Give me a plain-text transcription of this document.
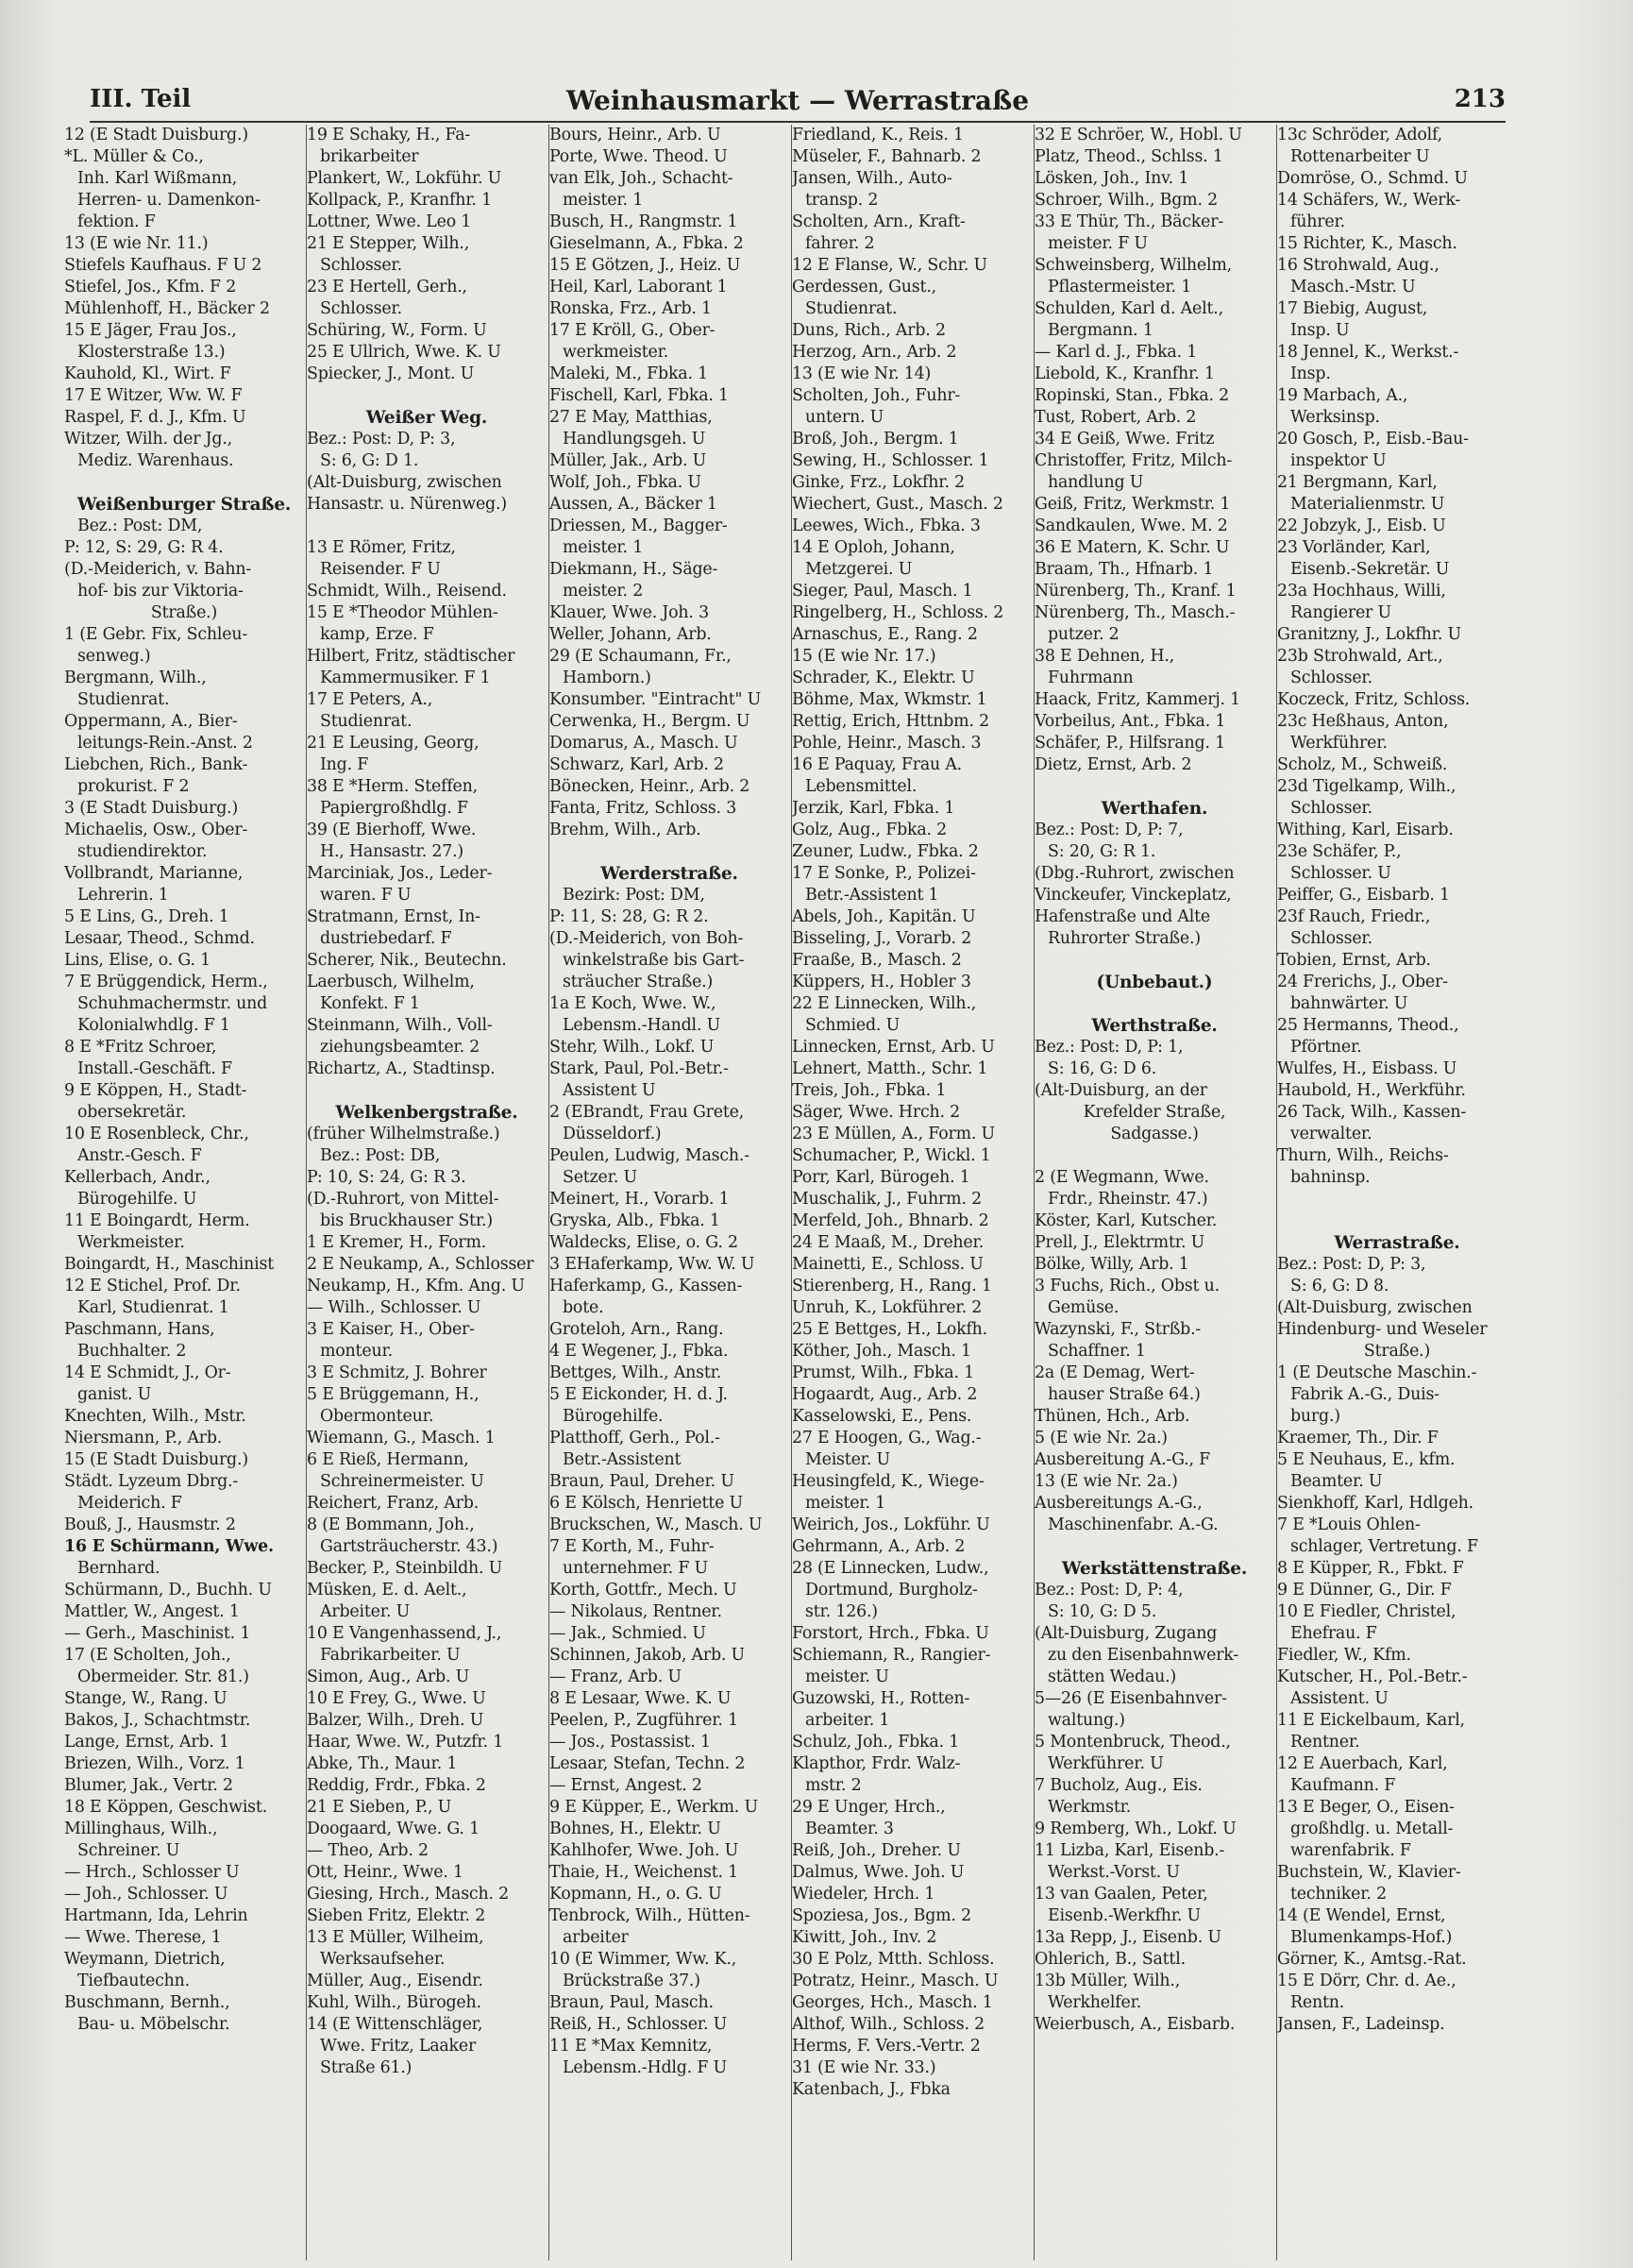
III. Teil	Weinhausmarkt — Werrastraße	213
12 (E Stadt Duisburg.)
*L. Müller & Co.,
Inh. Karl Wißmann,
Herren- u. Damenkon-
fektion. F
13 (E wie Nr. 11.)
Stiefels Kaufhaus. F U 2
Stiefel, Jos., Kfm. F 2
Mühlenhoff, H., Bäcker 2
15 E Jäger, Frau Jos.,
Klosterstraße 13.)
Kauhold, Kl., Wirt. F
17 E Witzer, Ww. W. F
Raspel, F. d. J., Kfm. U
Witzer, Wilh. der Jg.,
Mediz. Warenhaus.
Weißenburger Straße.
Bez.: Post: DM,
P: 12, S: 29, G: R 4.
(D.-Meiderich, v. Bahn-
hof- bis zur Viktoria-
Straße.)
1 (E Gebr. Fix, Schleu-
senweg.)
Bergmann, Wilh.,
Studienrat.
Oppermann, A., Bier-
leitungs-Rein.-Anst. 2
Liebchen, Rich., Bank-
prokurist. F 2
3 (E Stadt Duisburg.)
Michaelis, Osw., Ober-
studiendirektor.
Vollbrandt, Marianne,
Lehrerin. 1
5 E Lins, G., Dreh. 1
Lesaar, Theod., Schmd.
Lins, Elise, o. G. 1
7 E Brüggendick, Herm.,
Schuhmachermstr. und
Kolonialwhdlg. F 1
8 E *Fritz Schroer,
Install.-Geschäft. F
9 E Köppen, H., Stadt-
obersekretär.
10 E Rosenbleck, Chr.,
Anstr.-Gesch. F
Kellerbach, Andr.,
Bürogehilfe. U
11 E Boingardt, Herm.
Werkmeister.
Boingardt, H., Maschinist
12 E Stichel, Prof. Dr.
Karl, Studienrat. 1
Paschmann, Hans,
Buchhalter. 2
14 E Schmidt, J., Or-
ganist. U
Knechten, Wilh., Mstr.
Niersmann, P., Arb.
15 (E Stadt Duisburg.)
Städt. Lyzeum Dbrg.-
Meiderich. F
Bouß, J., Hausmstr. 2
16 E Schürmann, Wwe.
Bernhard.
Schürmann, D., Buchh. U
Mattler, W., Angest. 1
— Gerh., Maschinist. 1
17 (E Scholten, Joh.,
Obermeider. Str. 81.)
Stange, W., Rang. U
Bakos, J., Schachtmstr.
Lange, Ernst, Arb. 1
Briezen, Wilh., Vorz. 1
Blumer, Jak., Vertr. 2
18 E Köppen, Geschwist.
Millinghaus, Wilh.,
Schreiner. U
— Hrch., Schlosser U
— Joh., Schlosser. U
Hartmann, Ida, Lehrin
— Wwe. Therese, 1
Weymann, Dietrich,
Tiefbautechn.
Buschmann, Bernh.,
Bau- u. Möbelschr.
19 E Schaky, H., Fa-
brikarbeiter
Plankert, W., Lokführ. U
Kollpack, P., Kranfhr. 1
Lottner, Wwe. Leo 1
21 E Stepper, Wilh.,
Schlosser.
23 E Hertell, Gerh.,
Schlosser.
Schüring, W., Form. U
25 E Ullrich, Wwe. K. U
Spiecker, J., Mont. U
Weißer Weg.
Bez.: Post: D, P: 3,
S: 6, G: D 1.
(Alt-Duisburg, zwischen
Hansastr. u. Nürenweg.)
13 E Römer, Fritz,
Reisender. F U
Schmidt, Wilh., Reisend.
15 E *Theodor Mühlen-
kamp, Erze. F
Hilbert, Fritz, städtischer
Kammermusiker. F 1
17 E Peters, A.,
Studienrat.
21 E Leusing, Georg,
Ing. F
38 E *Herm. Steffen,
Papiergroßhdlg. F
39 (E Bierhoff, Wwe.
H., Hansastr. 27.)
Marciniak, Jos., Leder-
waren. F U
Stratmann, Ernst, In-
dustriebedarf. F
Scherer, Nik., Beutechn.
Laerbusch, Wilhelm,
Konfekt. F 1
Steinmann, Wilh., Voll-
ziehungsbeamter. 2
Richartz, A., Stadtinsp.
Welkenbergstraße.
(früher Wilhelmstraße.)
Bez.: Post: DB,
P: 10, S: 24, G: R 3.
(D.-Ruhrort, von Mittel-
bis Bruckhauser Str.)
1 E Kremer, H., Form.
2 E Neukamp, A., Schlosser
Neukamp, H., Kfm. Ang. U
— Wilh., Schlosser. U
3 E Kaiser, H., Ober-
monteur.
3 E Schmitz, J. Bohrer
5 E Brüggemann, H.,
Obermonteur.
Wiemann, G., Masch. 1
6 E Rieß, Hermann,
Schreinermeister. U
Reichert, Franz, Arb.
8 (E Bommann, Joh.,
Gartsträucherstr. 43.)
Becker, P., Steinbildh. U
Müsken, E. d. Aelt.,
Arbeiter. U
10 E Vangenhassend, J.,
Fabrikarbeiter. U
Simon, Aug., Arb. U
10 E Frey, G., Wwe. U
Balzer, Wilh., Dreh. U
Haar, Wwe. W., Putzfr. 1
Abke, Th., Maur. 1
Reddig, Frdr., Fbka. 2
21 E Sieben, P., U
Doogaard, Wwe. G. 1
— Theo, Arb. 2
Ott, Heinr., Wwe. 1
Giesing, Hrch., Masch. 2
Sieben Fritz, Elektr. 2
13 E Müller, Wilheim,
Werksaufseher.
Müller, Aug., Eisendr.
Kuhl, Wilh., Bürogeh.
14 (E Wittenschläger,
Wwe. Fritz, Laaker
Straße 61.)
Bours, Heinr., Arb. U
Porte, Wwe. Theod. U
van Elk, Joh., Schacht-
meister. 1
Busch, H., Rangmstr. 1
Gieselmann, A., Fbka. 2
15 E Götzen, J., Heiz. U
Heil, Karl, Laborant 1
Ronska, Frz., Arb. 1
17 E Kröll, G., Ober-
werkmeister.
Maleki, M., Fbka. 1
Fischell, Karl, Fbka. 1
27 E May, Matthias,
Handlungsgeh. U
Müller, Jak., Arb. U
Wolf, Joh., Fbka. U
Aussen, A., Bäcker 1
Driessen, M., Bagger-
meister. 1
Diekmann, H., Säge-
meister. 2
Klauer, Wwe. Joh. 3
Weller, Johann, Arb.
29 (E Schaumann, Fr.,
Hamborn.)
Konsumber. "Eintracht" U
Cerwenka, H., Bergm. U
Domarus, A., Masch. U
Schwarz, Karl, Arb. 2
Bönecken, Heinr., Arb. 2
Fanta, Fritz, Schloss. 3
Brehm, Wilh., Arb.
Werderstraße.
Bezirk: Post: DM,
P: 11, S: 28, G: R 2.
(D.-Meiderich, von Boh-
winkelstraße bis Gart-
sträucher Straße.)
1a E Koch, Wwe. W.,
Lebensm.-Handl. U
Stehr, Wilh., Lokf. U
Stark, Paul, Pol.-Betr.-
Assistent U
2 (EBrandt, Frau Grete,
Düsseldorf.)
Peulen, Ludwig, Masch.-
Setzer. U
Meinert, H., Vorarb. 1
Gryska, Alb., Fbka. 1
Waldecks, Elise, o. G. 2
3 EHaferkamp, Ww. W. U
Haferkamp, G., Kassen-
bote.
Groteloh, Arn., Rang.
4 E Wegener, J., Fbka.
Bettges, Wilh., Anstr.
5 E Eickonder, H. d. J.
Bürogehilfe.
Platthoff, Gerh., Pol.-
Betr.-Assistent
Braun, Paul, Dreher. U
6 E Kölsch, Henriette U
Bruckschen, W., Masch. U
7 E Korth, M., Fuhr-
unternehmer. F U
Korth, Gottfr., Mech. U
— Nikolaus, Rentner.
— Jak., Schmied. U
Schinnen, Jakob, Arb. U
— Franz, Arb. U
8 E Lesaar, Wwe. K. U
Peelen, P., Zugführer. 1
— Jos., Postassist. 1
Lesaar, Stefan, Techn. 2
— Ernst, Angest. 2
9 E Küpper, E., Werkm. U
Bohnes, H., Elektr. U
Kahlhofer, Wwe. Joh. U
Thaie, H., Weichenst. 1
Kopmann, H., o. G. U
Tenbrock, Wilh., Hütten-
arbeiter
10 (E Wimmer, Ww. K.,
Brückstraße 37.)
Braun, Paul, Masch.
Reiß, H., Schlosser. U
11 E *Max Kemnitz,
Lebensm.-Hdlg. F U
Friedland, K., Reis. 1
Müseler, F., Bahnarb. 2
Jansen, Wilh., Auto-
transp. 2
Scholten, Arn., Kraft-
fahrer. 2
12 E Flanse, W., Schr. U
Gerdessen, Gust.,
Studienrat.
Duns, Rich., Arb. 2
Herzog, Arn., Arb. 2
13 (E wie Nr. 14)
Scholten, Joh., Fuhr-
untern. U
Broß, Joh., Bergm. 1
Sewing, H., Schlosser. 1
Ginke, Frz., Lokfhr. 2
Wiechert, Gust., Masch. 2
Leewes, Wich., Fbka. 3
14 E Oploh, Johann,
Metzgerei. U
Sieger, Paul, Masch. 1
Ringelberg, H., Schloss. 2
Arnaschus, E., Rang. 2
15 (E wie Nr. 17.)
Schrader, K., Elektr. U
Böhme, Max, Wkmstr. 1
Rettig, Erich, Httnbm. 2
Pohle, Heinr., Masch. 3
16 E Paquay, Frau A.
Lebensmittel.
Jerzik, Karl, Fbka. 1
Golz, Aug., Fbka. 2
Zeuner, Ludw., Fbka. 2
17 E Sonke, P., Polizei-
Betr.-Assistent 1
Abels, Joh., Kapitän. U
Bisseling, J., Vorarb. 2
Fraaße, B., Masch. 2
Küppers, H., Hobler 3
22 E Linnecken, Wilh.,
Schmied. U
Linnecken, Ernst, Arb. U
Lehnert, Matth., Schr. 1
Treis, Joh., Fbka. 1
Säger, Wwe. Hrch. 2
23 E Müllen, A., Form. U
Schumacher, P., Wickl. 1
Porr, Karl, Bürogeh. 1
Muschalik, J., Fuhrm. 2
Merfeld, Joh., Bhnarb. 2
24 E Maaß, M., Dreher.
Mainetti, E., Schloss. U
Stierenberg, H., Rang. 1
Unruh, K., Lokführer. 2
25 E Bettges, H., Lokfh.
Köther, Joh., Masch. 1
Prumst, Wilh., Fbka. 1
Hogaardt, Aug., Arb. 2
Kasselowski, E., Pens.
27 E Hoogen, G., Wag.-
Meister. U
Heusingfeld, K., Wiege-
meister. 1
Weirich, Jos., Lokführ. U
Gehrmann, A., Arb. 2
28 (E Linnecken, Ludw.,
Dortmund, Burgholz-
str. 126.)
Forstort, Hrch., Fbka. U
Schiemann, R., Rangier-
meister. U
Guzowski, H., Rotten-
arbeiter. 1
Schulz, Joh., Fbka. 1
Klapthor, Frdr. Walz-
mstr. 2
29 E Unger, Hrch.,
Beamter. 3
Reiß, Joh., Dreher. U
Dalmus, Wwe. Joh. U
Wiedeler, Hrch. 1
Spoziesa, Jos., Bgm. 2
Kiwitt, Joh., Inv. 2
30 E Polz, Mtth. Schloss.
Potratz, Heinr., Masch. U
Georges, Hch., Masch. 1
Althof, Wilh., Schloss. 2
Herms, F. Vers.-Vertr. 2
31 (E wie Nr. 33.)
Katenbach, J., Fbka
32 E Schröer, W., Hobl. U
Platz, Theod., Schlss. 1
Lösken, Joh., Inv. 1
Schroer, Wilh., Bgm. 2
33 E Thür, Th., Bäcker-
meister. F U
Schweinsberg, Wilhelm,
Pflastermeister. 1
Schulden, Karl d. Aelt.,
Bergmann. 1
— Karl d. J., Fbka. 1
Liebold, K., Kranfhr. 1
Ropinski, Stan., Fbka. 2
Tust, Robert, Arb. 2
34 E Geiß, Wwe. Fritz
Christoffer, Fritz, Milch-
handlung U
Geiß, Fritz, Werkmstr. 1
Sandkaulen, Wwe. M. 2
36 E Matern, K. Schr. U
Braam, Th., Hfnarb. 1
Nürenberg, Th., Kranf. 1
Nürenberg, Th., Masch.-
putzer. 2
38 E Dehnen, H.,
Fuhrmann
Haack, Fritz, Kammerj. 1
Vorbeilus, Ant., Fbka. 1
Schäfer, P., Hilfsrang. 1
Dietz, Ernst, Arb. 2
Werthafen.
Bez.: Post: D, P: 7,
S: 20, G: R 1.
(Dbg.-Ruhrort, zwischen
Vinckeufer, Vinckeplatz,
Hafenstraße und Alte
Ruhrorter Straße.)
(Unbebaut.)
Werthstraße.
Bez.: Post: D, P: 1,
S: 16, G: D 6.
(Alt-Duisburg, an der
Krefelder Straße,
Sadgasse.)
2 (E Wegmann, Wwe.
Frdr., Rheinstr. 47.)
Köster, Karl, Kutscher.
Prell, J., Elektrmtr. U
Bölke, Willy, Arb. 1
3 Fuchs, Rich., Obst u.
Gemüse.
Wazynski, F., Strßb.-
Schaffner. 1
2a (E Demag, Wert-
hauser Straße 64.)
Thünen, Hch., Arb.
5 (E wie Nr. 2a.)
Ausbereitung A.-G., F
13 (E wie Nr. 2a.)
Ausbereitungs A.-G.,
Maschinenfabr. A.-G.
Werkstättenstraße.
Bez.: Post: D, P: 4,
S: 10, G: D 5.
(Alt-Duisburg, Zugang
zu den Eisenbahnwerk-
stätten Wedau.)
5—26 (E Eisenbahnver-
waltung.)
5 Montenbruck, Theod.,
Werkführer. U
7 Bucholz, Aug., Eis.
Werkmstr.
9 Remberg, Wh., Lokf. U
11 Lizba, Karl, Eisenb.-
Werkst.-Vorst. U
13 van Gaalen, Peter,
Eisenb.-Werkfhr. U
13a Repp, J., Eisenb. U
Ohlerich, B., Sattl.
13b Müller, Wilh.,
Werkhelfer.
Weierbusch, A., Eisbarb.
13c Schröder, Adolf,
Rottenarbeiter U
Domröse, O., Schmd. U
14 Schäfers, W., Werk-
führer.
15 Richter, K., Masch.
16 Strohwald, Aug.,
Masch.-Mstr. U
17 Biebig, August,
Insp. U
18 Jennel, K., Werkst.-
Insp.
19 Marbach, A.,
Werksinsp.
20 Gosch, P., Eisb.-Bau-
inspektor U
21 Bergmann, Karl,
Materialienmstr. U
22 Jobzyk, J., Eisb. U
23 Vorländer, Karl,
Eisenb.-Sekretär. U
23a Hochhaus, Willi,
Rangierer U
Granitzny, J., Lokfhr. U
23b Strohwald, Art.,
Schlosser.
Koczeck, Fritz, Schloss.
23c Heßhaus, Anton,
Werkführer.
Scholz, M., Schweiß.
23d Tigelkamp, Wilh.,
Schlosser.
Withing, Karl, Eisarb.
23e Schäfer, P.,
Schlosser. U
Peiffer, G., Eisbarb. 1
23f Rauch, Friedr.,
Schlosser.
Tobien, Ernst, Arb.
24 Frerichs, J., Ober-
bahnwärter. U
25 Hermanns, Theod.,
Pförtner.
Wulfes, H., Eisbass. U
Haubold, H., Werkführ.
26 Tack, Wilh., Kassen-
verwalter.
Thurn, Wilh., Reichs-
bahninsp.
Werrastraße.
Bez.: Post: D, P: 3,
S: 6, G: D 8.
(Alt-Duisburg, zwischen
Hindenburg- und Weseler
Straße.)
1 (E Deutsche Maschin.-
Fabrik A.-G., Duis-
burg.)
Kraemer, Th., Dir. F
5 E Neuhaus, E., kfm.
Beamter. U
Sienkhoff, Karl, Hdlgeh.
7 E *Louis Ohlen-
schlager, Vertretung. F
8 E Küpper, R., Fbkt. F
9 E Dünner, G., Dir. F
10 E Fiedler, Christel,
Ehefrau. F
Fiedler, W., Kfm.
Kutscher, H., Pol.-Betr.-
Assistent. U
11 E Eickelbaum, Karl,
Rentner.
12 E Auerbach, Karl,
Kaufmann. F
13 E Beger, O., Eisen-
großhdlg. u. Metall-
warenfabrik. F
Buchstein, W., Klavier-
techniker. 2
14 (E Wendel, Ernst,
Blumenkamps-Hof.)
Görner, K., Amtsg.-Rat.
15 E Dörr, Chr. d. Ae.,
Rentn.
Jansen, F., Ladeinsp.
